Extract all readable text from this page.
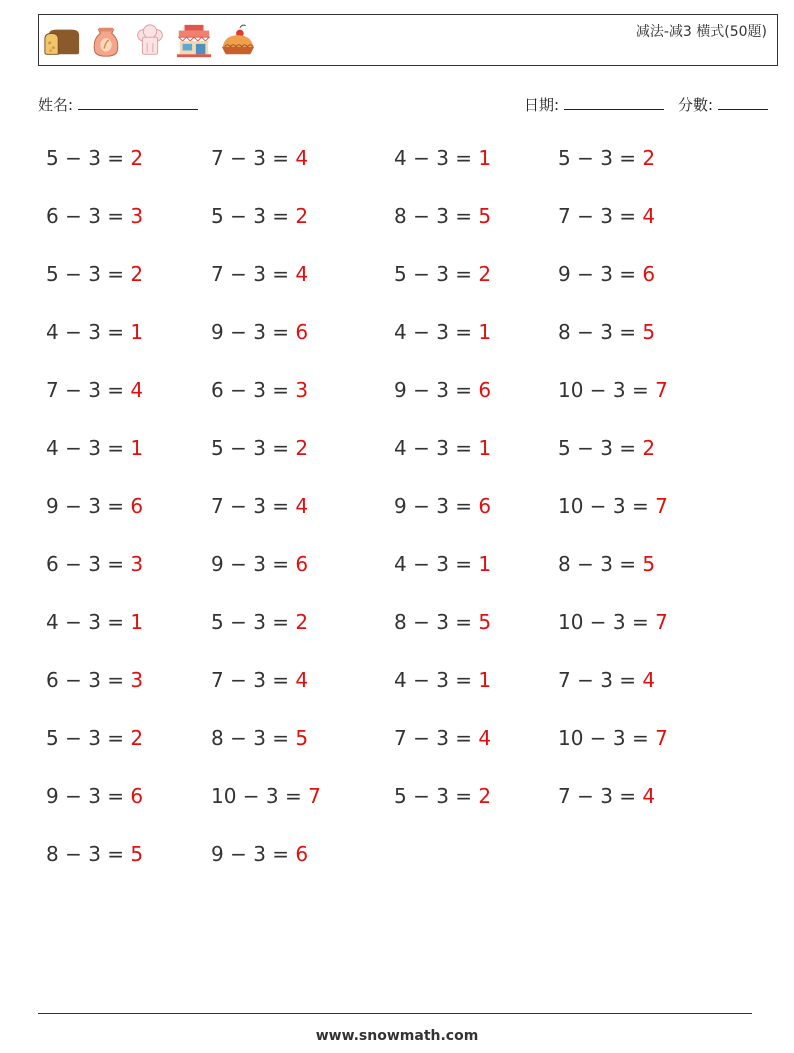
减法-减3 横式(50題)
姓名:	日期:	分數:
5 − 3 = 2	7 − 3 = 4	4 − 3 = 1	5 − 3 = 2
6 − 3 = 3	5 − 3 = 2	8 − 3 = 5	7 − 3 = 4
5 − 3 = 2	7 − 3 = 4	5 − 3 = 2	9 − 3 = 6
4 − 3 = 1	9 − 3 = 6	4 − 3 = 1	8 − 3 = 5
7 − 3 = 4	6 − 3 = 3	9 − 3 = 6	10 − 3 = 7
4 − 3 = 1	5 − 3 = 2	4 − 3 = 1	5 − 3 = 2
9 − 3 = 6	7 − 3 = 4	9 − 3 = 6	10 − 3 = 7
6 − 3 = 3	9 − 3 = 6	4 − 3 = 1	8 − 3 = 5
4 − 3 = 1	5 − 3 = 2	8 − 3 = 5	10 − 3 = 7
6 − 3 = 3	7 − 3 = 4	4 − 3 = 1	7 − 3 = 4
5 − 3 = 2	8 − 3 = 5	7 − 3 = 4	10 − 3 = 7
9 − 3 = 6	10 − 3 = 7	5 − 3 = 2	7 − 3 = 4
8 − 3 = 5	9 − 3 = 6
www.snowmath.com
